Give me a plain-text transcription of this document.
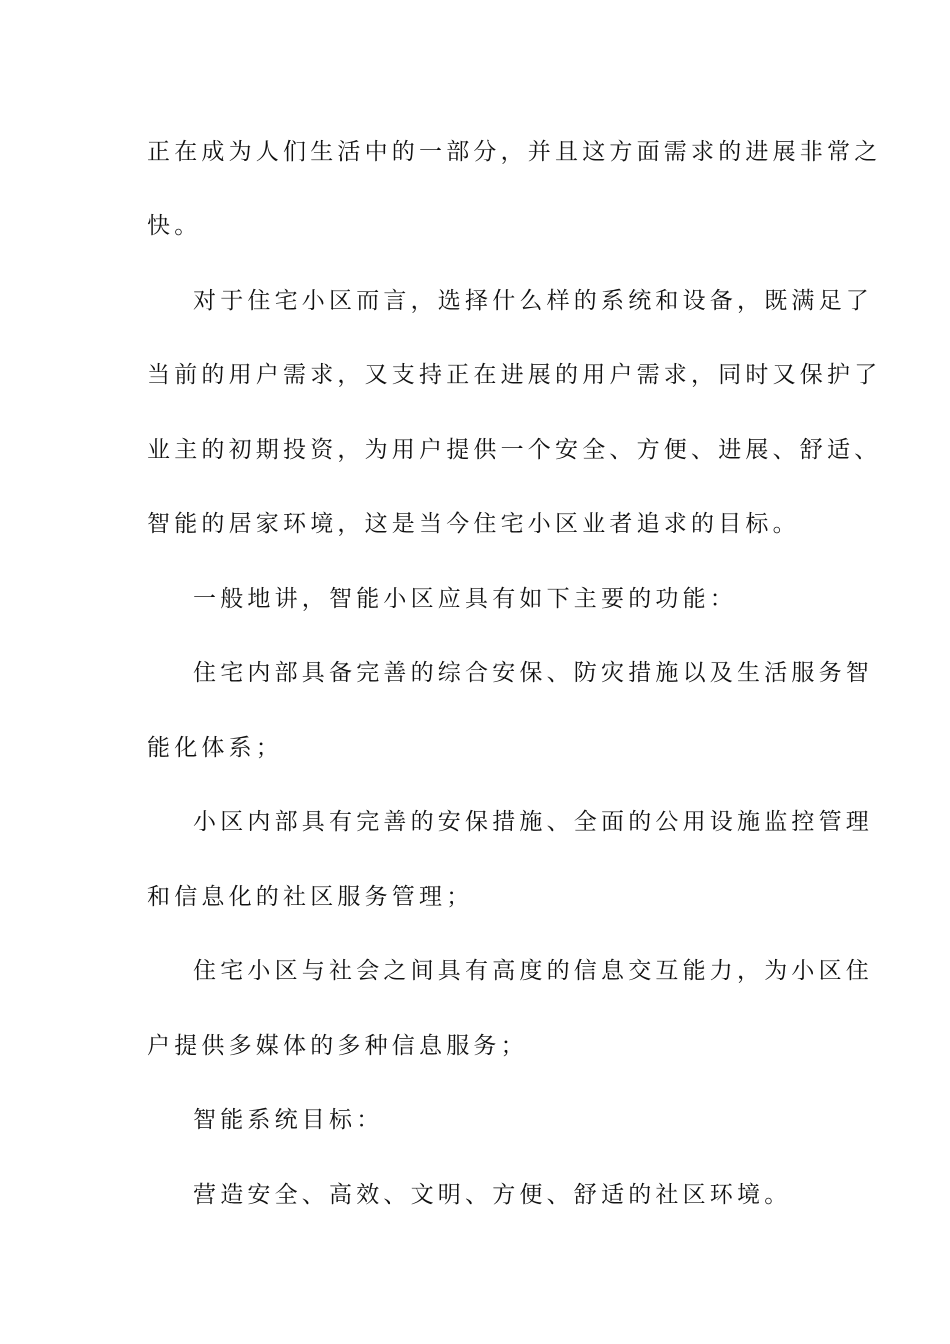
正在成为人们生活中的一部分，并且这方面需求的进展非常之
快。
对于住宅小区而言，选择什么样的系统和设备，既满足了
当前的用户需求，又支持正在进展的用户需求，同时又保护了
业主的初期投资，为用户提供一个安全、方便、进展、舒适、
智能的居家环境，这是当今住宅小区业者追求的目标。
一般地讲，智能小区应具有如下主要的功能：
住宅内部具备完善的综合安保、防灾措施以及生活服务智
能化体系；
小区内部具有完善的安保措施、全面的公用设施监控管理
和信息化的社区服务管理；
住宅小区与社会之间具有高度的信息交互能力，为小区住
户提供多媒体的多种信息服务；
智能系统目标：
营造安全、高效、文明、方便、舒适的社区环境。
